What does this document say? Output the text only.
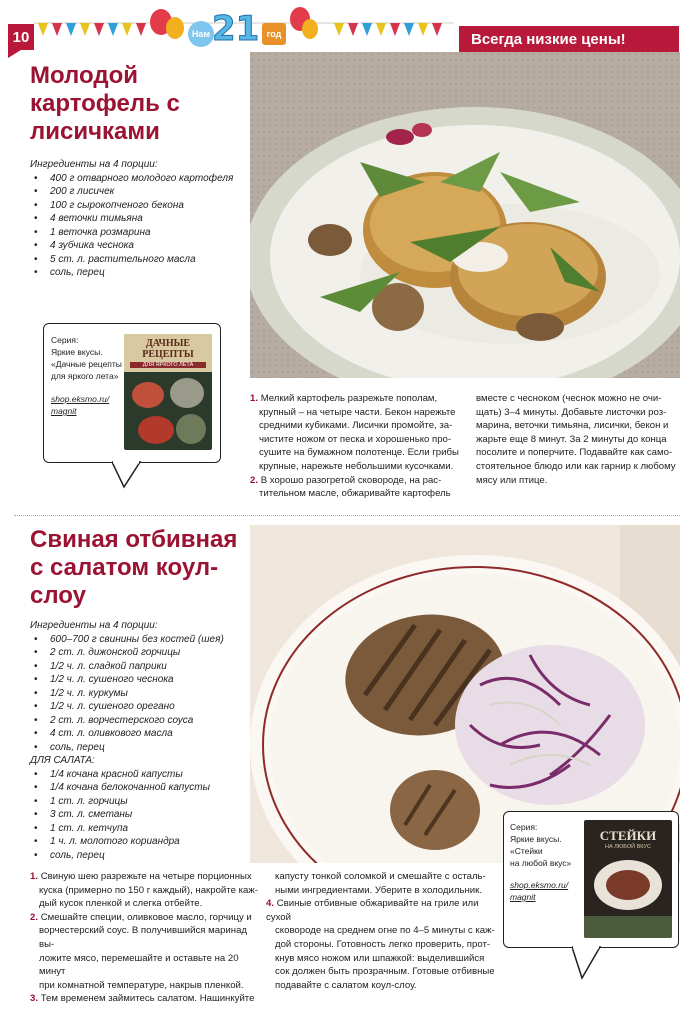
10	Нам 21 год	Всегда низкие цены!
Молодой картофель с лисичками
Ингредиенты на 4 порции:
• 400 г отварного молодого картофеля
• 200 г лисичек
• 100 г сырокопченого бекона
• 4 веточки тимьяна
• 1 веточка розмарина
• 4 зубчика чеснока
• 5 ст. л. растительного масла
• соль, перец
Серия:
Яркие вкусы.
«Дачные рецепты
для яркого лета»
shop.eksmo.ru/
magnit
ДАЧНЫЕ
РЕЦЕПТЫ
ДЛЯ ЯРКОГО ЛЕТА

1. Мелкий картофель разрежьте пополам,

крупный – на четыре части. Бекон нарежьте

средними кубиками. Лисички промойте, за-

чистите ножом от песка и хорошенько про-

сушите на бумажном полотенце. Если грибы

крупные, нарежьте небольшими кусочками.

2. В хорошо разогретой сковороде, на рас-

тительном масле, обжаривайте картофель

вместе с чесноком (чеснок можно не очи-

щать) 3–4 минуты. Добавьте листочки роз-

марина, веточки тимьяна, лисички, бекон и

жарьте еще 8 минут. За 2 минуты до конца

посолите и поперчите. Подавайте как само-

стоятельное блюдо или как гарнир к любому

мясу или птице.

Свиная отбивная с салатом коул-слоу
Ингредиенты на 4 порции:
• 600–700 г свинины без костей (шея)
• 2 ст. л. дижонской горчицы
• 1/2 ч. л. сладкой паприки
• 1/2 ч. л. сушеного чеснока
• 1/2 ч. л. куркумы
• 1/2 ч. л. сушеного орегано
• 2 ст. л. ворчестерского соуса
• 4 ст. л. оливкового масла
• соль, перец
ДЛЯ САЛАТА:
• 1/4 кочана красной капусты
• 1/4 кочана белокочанной капусты
• 1 ст. л. горчицы
• 3 ст. л. сметаны
• 1 ст. л. кетчупа
• 1 ч. л. молотого кориандра
• соль, перец
Серия:
Яркие вкусы.
«Стейки
на любой вкус»
shop.eksmo.ru/
magnit
СТЕЙКИ
НА ЛЮБОЙ ВКУС

1. Свиную шею разрежьте на четыре порционных

куска (примерно по 150 г каждый), накройте каж-

дый кусок пленкой и слегка отбейте.

2. Смешайте специи, оливковое масло, горчицу и

ворчестерский соус. В получившийся маринад вы-

ложите мясо, перемешайте и оставьте на 20 минут

при комнатной температуре, накрыв пленкой.

3. Тем временем займитесь салатом. Нашинкуйте

капусту тонкой соломкой и смешайте с осталь-

ными ингредиентами. Уберите в холодильник.

4. Свиные отбивные обжаривайте на гриле или сухой

сковороде на среднем огне по 4–5 минуты с каж-

дой стороны. Готовность легко проверить, прот-

кнув мясо ножом или шпажкой: выделившийся

сок должен быть прозрачным. Готовые отбивные

подавайте с салатом коул-слоу.
